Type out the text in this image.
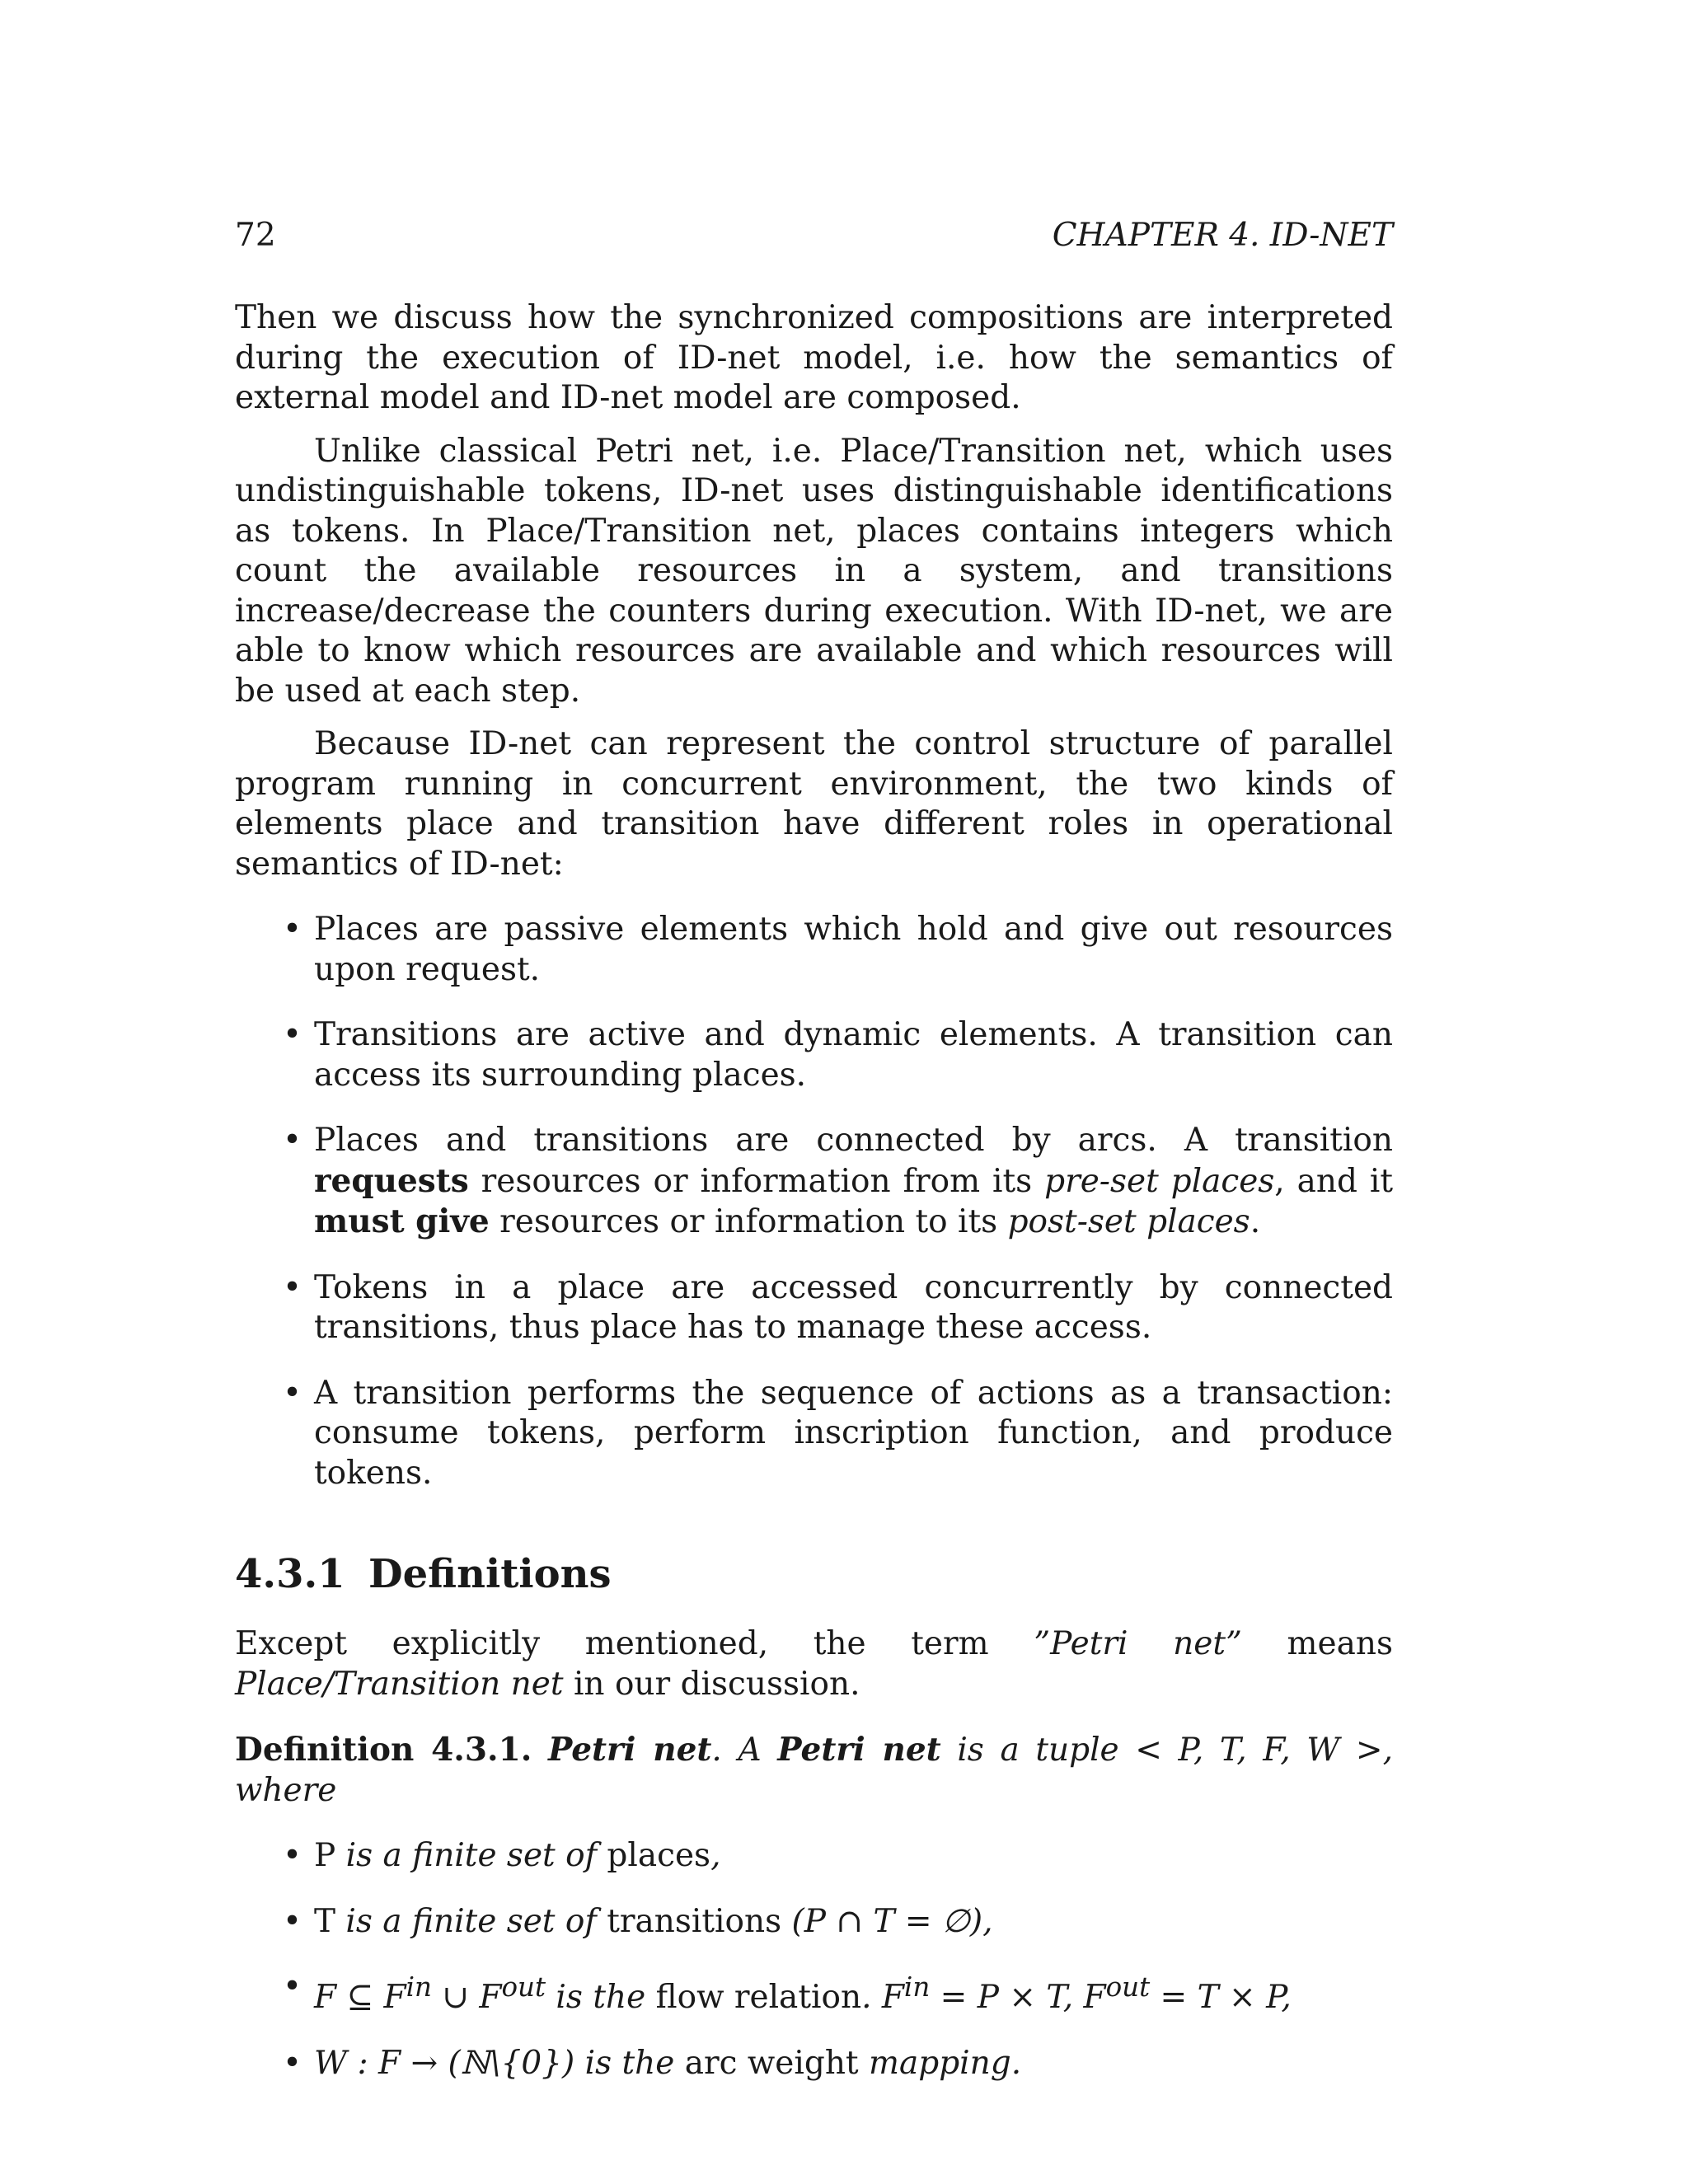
72	CHAPTER 4. ID-NET

Then we discuss how the synchronized compositions are interpreted during the execution of ID-net model, i.e. how the semantics of external model and ID-net model are composed.

Unlike classical Petri net, i.e. Place/Transition net, which uses undistinguishable tokens, ID-net uses distinguishable identifications as tokens. In Place/Transition net, places contains integers which count the available resources in a system, and transitions increase/decrease the counters during execution. With ID-net, we are able to know which resources are available and which resources will be used at each step.

Because ID-net can represent the control structure of parallel program running in concurrent environment, the two kinds of elements place and transition have different roles in operational semantics of ID-net:

• Places are passive elements which hold and give out resources upon request.
• Transitions are active and dynamic elements. A transition can access its surrounding places.
• Places and transitions are connected by arcs. A transition requests resources or information from its pre-set places, and it must give resources or information to its post-set places.
• Tokens in a place are accessed concurrently by connected transitions, thus place has to manage these access.
• A transition performs the sequence of actions as a transaction: consume tokens, perform inscription function, and produce tokens.
4.3.1 Definitions

Except explicitly mentioned, the term ”Petri net” means Place/Transition net in our discussion.

Definition 4.3.1. Petri net. A Petri net is a tuple < P, T, F, W >, where

• P is a finite set of places,
• T is a finite set of transitions (P ∩ T = ∅),
• F ⊆ $F^{in}$ ∪ $F^{out}$ is the flow relation. $F^{in} = P \times T$, $F^{out} = T \times P$,
• W : F → (ℕ\{0}) is the arc weight mapping.
